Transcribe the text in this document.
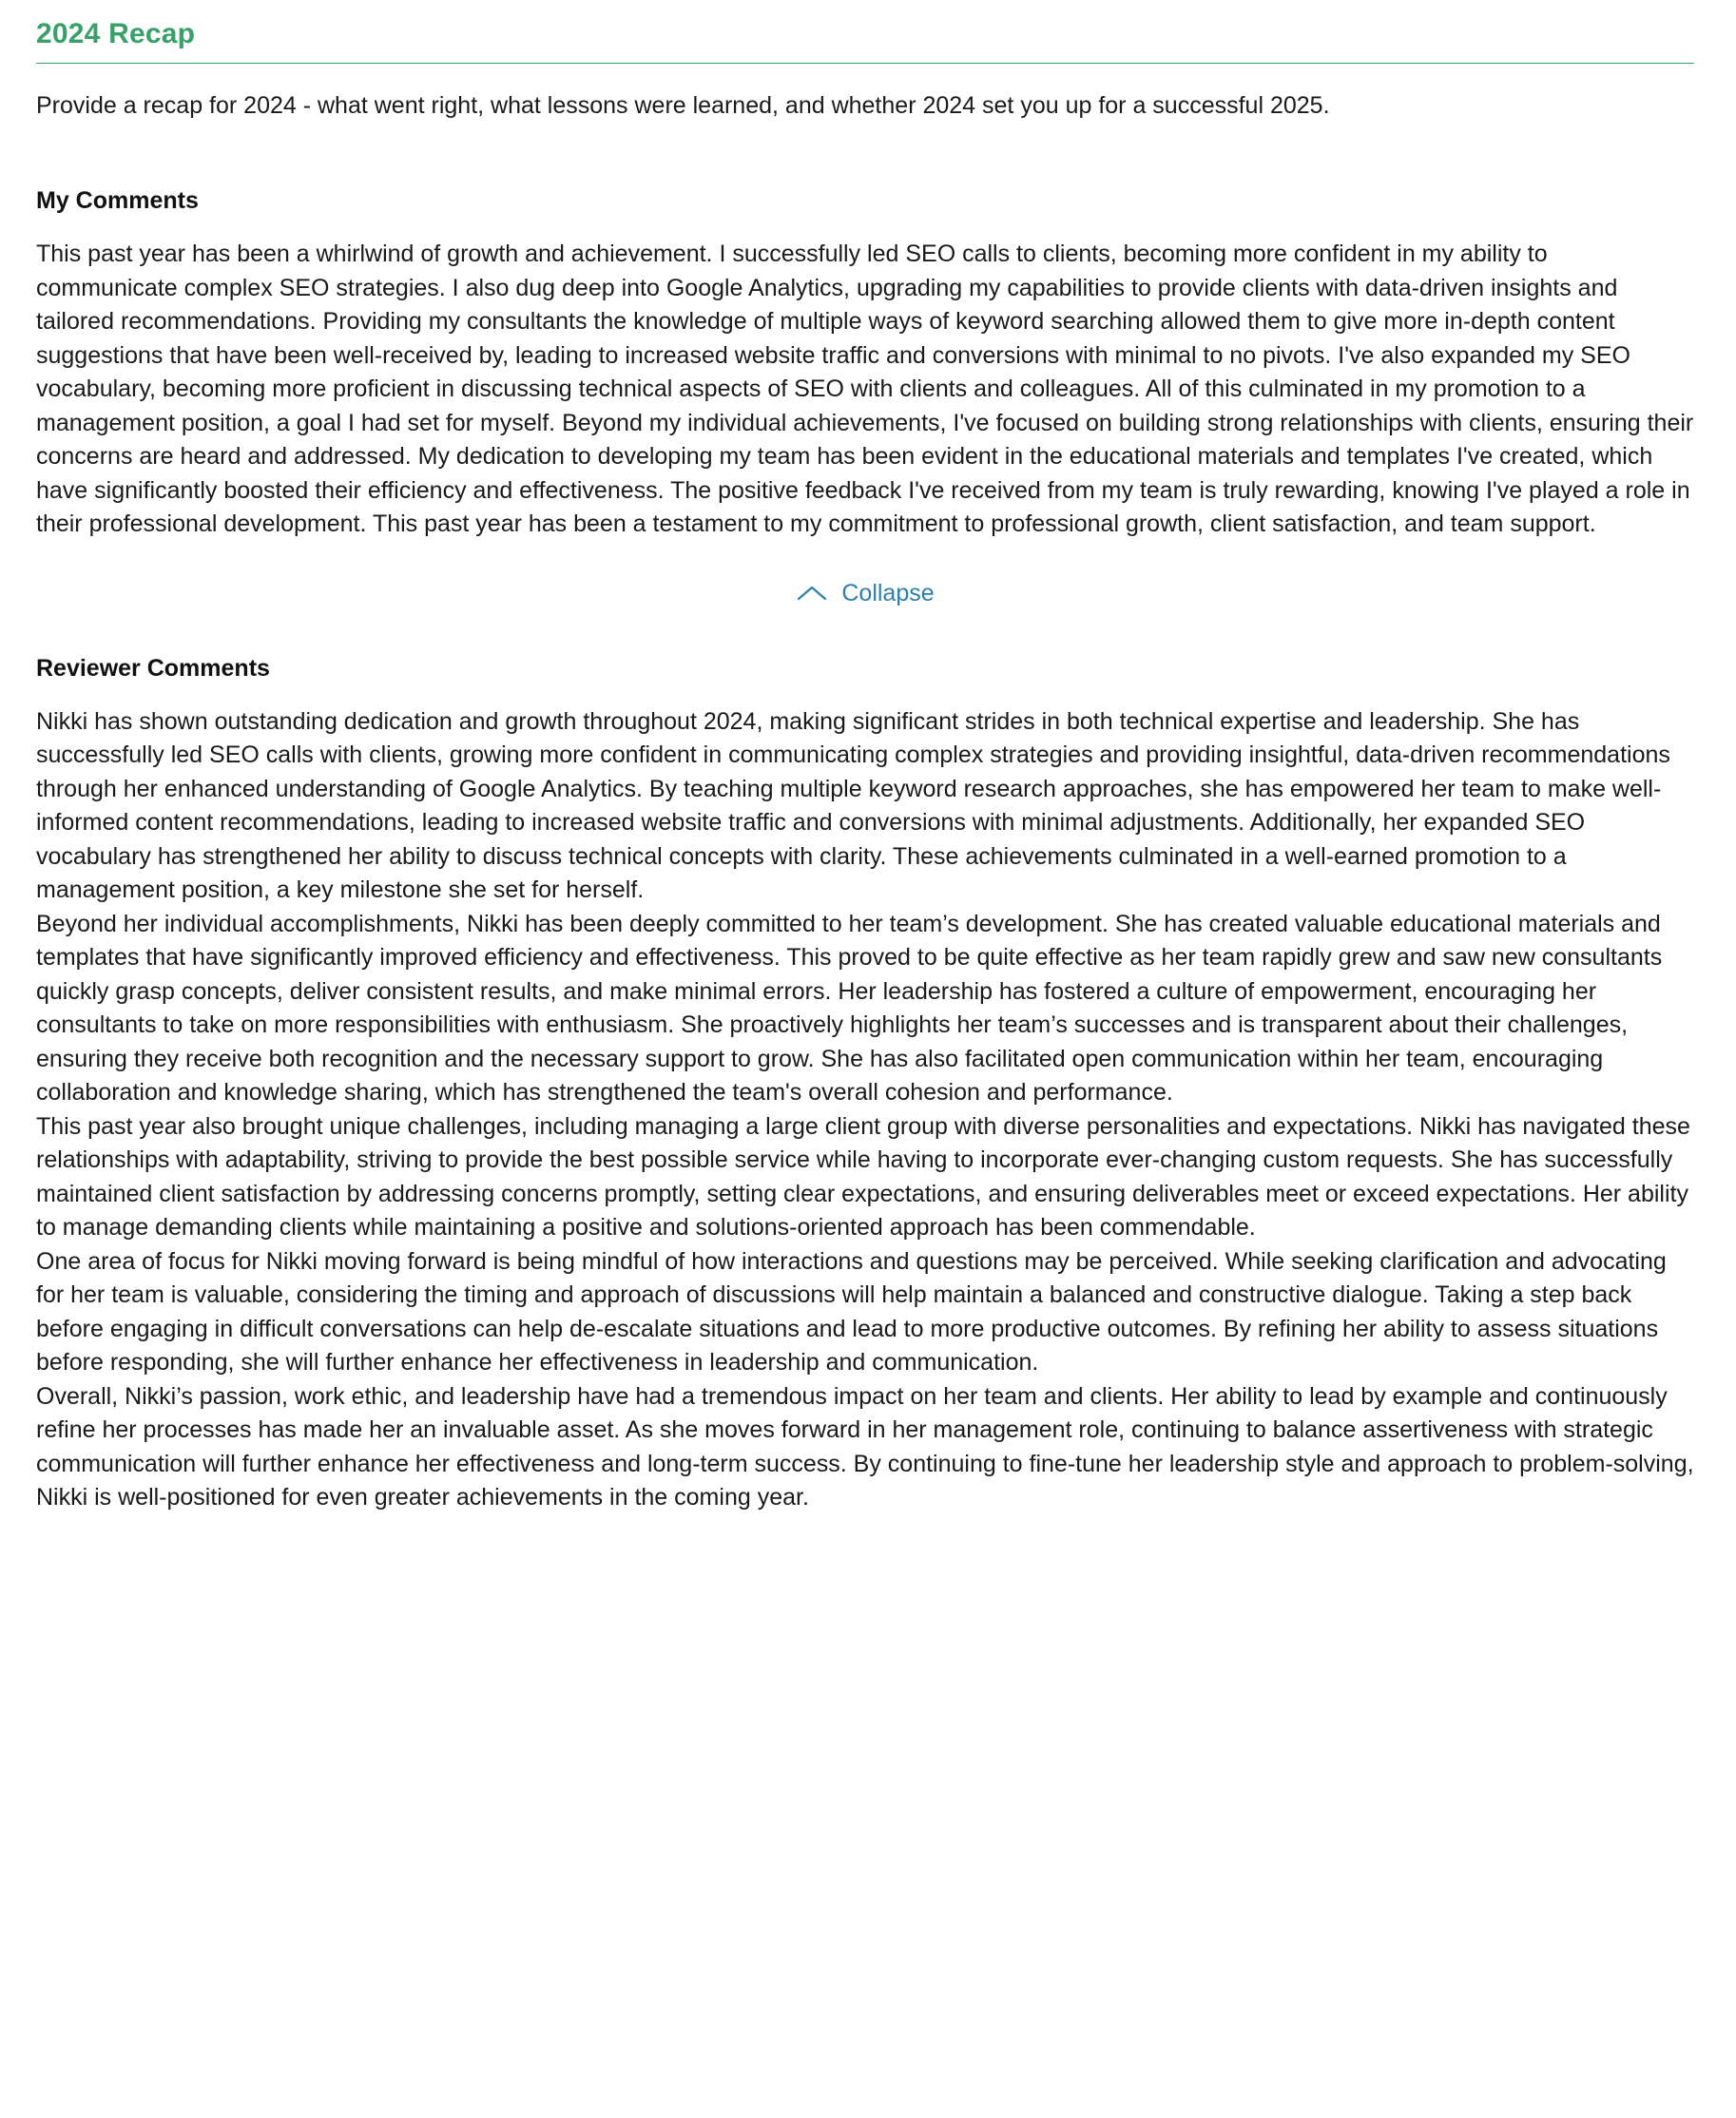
2024 Recap

Provide a recap for 2024 - what went right, what lessons were learned, and whether 2024 set you up for a successful 2025.

My Comments

This past year has been a whirlwind of growth and achievement. I successfully led SEO calls to clients, becoming more confident in my ability to communicate complex SEO strategies. I also dug deep into Google Analytics, upgrading my capabilities to provide clients with data-driven insights and tailored recommendations. Providing my consultants the knowledge of multiple ways of keyword searching allowed them to give more in-depth content suggestions that have been well-received by, leading to increased website traffic and conversions with minimal to no pivots. I've also expanded my SEO vocabulary, becoming more proficient in discussing technical aspects of SEO with clients and colleagues. All of this culminated in my promotion to a management position, a goal I had set for myself. Beyond my individual achievements, I've focused on building strong relationships with clients, ensuring their concerns are heard and addressed. My dedication to developing my team has been evident in the educational materials and templates I've created, which have significantly boosted their efficiency and effectiveness. The positive feedback I've received from my team is truly rewarding, knowing I've played a role in their professional development. This past year has been a testament to my commitment to professional growth, client satisfaction, and team support.

Collapse
Reviewer Comments

Nikki has shown outstanding dedication and growth throughout 2024, making significant strides in both technical expertise and leadership. She has successfully led SEO calls with clients, growing more confident in communicating complex strategies and providing insightful, data-driven recommendations through her enhanced understanding of Google Analytics. By teaching multiple keyword research approaches, she has empowered her team to make well-informed content recommendations, leading to increased website traffic and conversions with minimal adjustments. Additionally, her expanded SEO vocabulary has strengthened her ability to discuss technical concepts with clarity. These achievements culminated in a well-earned promotion to a management position, a key milestone she set for herself.

Beyond her individual accomplishments, Nikki has been deeply committed to her team’s development. She has created valuable educational materials and templates that have significantly improved efficiency and effectiveness. This proved to be quite effective as her team rapidly grew and saw new consultants quickly grasp concepts, deliver consistent results, and make minimal errors. Her leadership has fostered a culture of empowerment, encouraging her consultants to take on more responsibilities with enthusiasm. She proactively highlights her team’s successes and is transparent about their challenges, ensuring they receive both recognition and the necessary support to grow. She has also facilitated open communication within her team, encouraging collaboration and knowledge sharing, which has strengthened the team's overall cohesion and performance.

This past year also brought unique challenges, including managing a large client group with diverse personalities and expectations. Nikki has navigated these relationships with adaptability, striving to provide the best possible service while having to incorporate ever-changing custom requests. She has successfully maintained client satisfaction by addressing concerns promptly, setting clear expectations, and ensuring deliverables meet or exceed expectations. Her ability to manage demanding clients while maintaining a positive and solutions-oriented approach has been commendable.

One area of focus for Nikki moving forward is being mindful of how interactions and questions may be perceived. While seeking clarification and advocating for her team is valuable, considering the timing and approach of discussions will help maintain a balanced and constructive dialogue. Taking a step back before engaging in difficult conversations can help de-escalate situations and lead to more productive outcomes. By refining her ability to assess situations before responding, she will further enhance her effectiveness in leadership and communication.

Overall, Nikki’s passion, work ethic, and leadership have had a tremendous impact on her team and clients. Her ability to lead by example and continuously refine her processes has made her an invaluable asset. As she moves forward in her management role, continuing to balance assertiveness with strategic communication will further enhance her effectiveness and long-term success. By continuing to fine-tune her leadership style and approach to problem-solving, Nikki is well-positioned for even greater achievements in the coming year.
